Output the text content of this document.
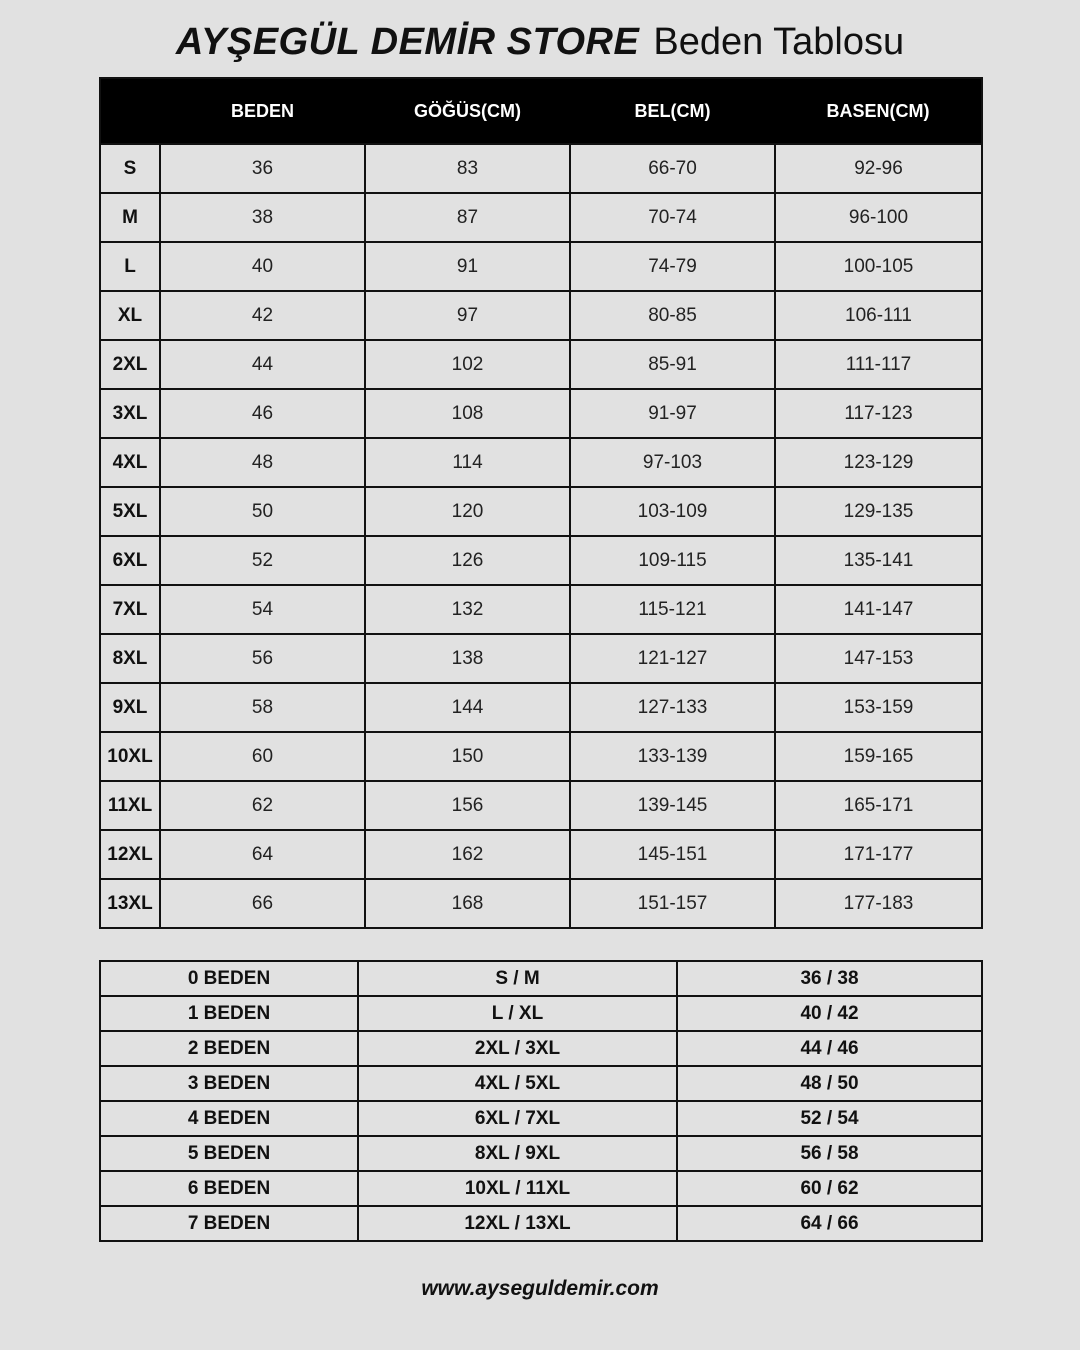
AYŞEGÜL DEMİR STORE Beden Tablosu
	BEDEN	GÖĞÜS(CM)	BEL(CM)	BASEN(CM)
S	36	83	66-70	92-96
M	38	87	70-74	96-100
L	40	91	74-79	100-105
XL	42	97	80-85	106-111
2XL	44	102	85-91	111-117
3XL	46	108	91-97	117-123
4XL	48	114	97-103	123-129
5XL	50	120	103-109	129-135
6XL	52	126	109-115	135-141
7XL	54	132	115-121	141-147
8XL	56	138	121-127	147-153
9XL	58	144	127-133	153-159
10XL	60	150	133-139	159-165
11XL	62	156	139-145	165-171
12XL	64	162	145-151	171-177
13XL	66	168	151-157	177-183
0 BEDEN	S / M	36 / 38
1 BEDEN	L / XL	40 / 42
2 BEDEN	2XL / 3XL	44 / 46
3 BEDEN	4XL / 5XL	48 / 50
4 BEDEN	6XL / 7XL	52 / 54
5 BEDEN	8XL / 9XL	56 / 58
6 BEDEN	10XL / 11XL	60 / 62
7 BEDEN	12XL / 13XL	64 / 66
www.ayseguldemir.com
